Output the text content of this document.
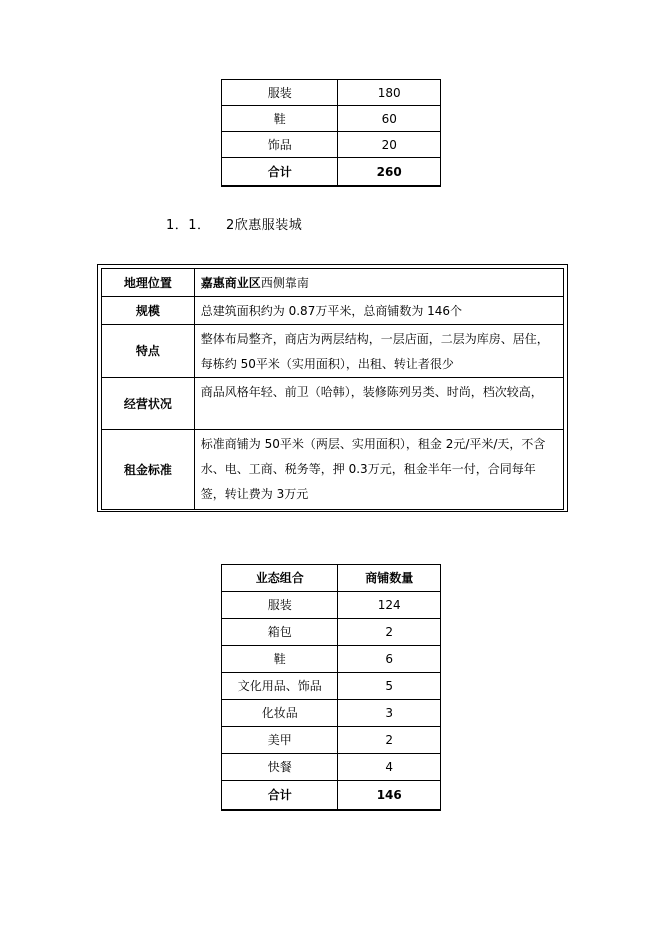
服装	180
鞋	60
饰品	20
合计	260
1．1． 2欣惠服装城
地理位置	嘉惠商业区西侧靠南
规模	总建筑面积约为 0.87万平米，总商铺数为 146个
特点	整体布局整齐，商店为两层结构，一层店面，二层为库房、居住，每栋约 50平米（实用面积），出租、转让者很少
经营状况	商品风格年轻、前卫（哈韩），装修陈列另类、时尚，档次较高，
租金标准	标准商铺为 50平米（两层、实用面积），租金 2元/平米/天，不含水、电、工商、税务等，押 0.3万元，租金半年一付，合同每年签，转让费为 3万元
业态组合	商铺数量
服装	124
箱包	2
鞋	6
文化用品、饰品	5
化妆品	3
美甲	2
快餐	4
合计	146
